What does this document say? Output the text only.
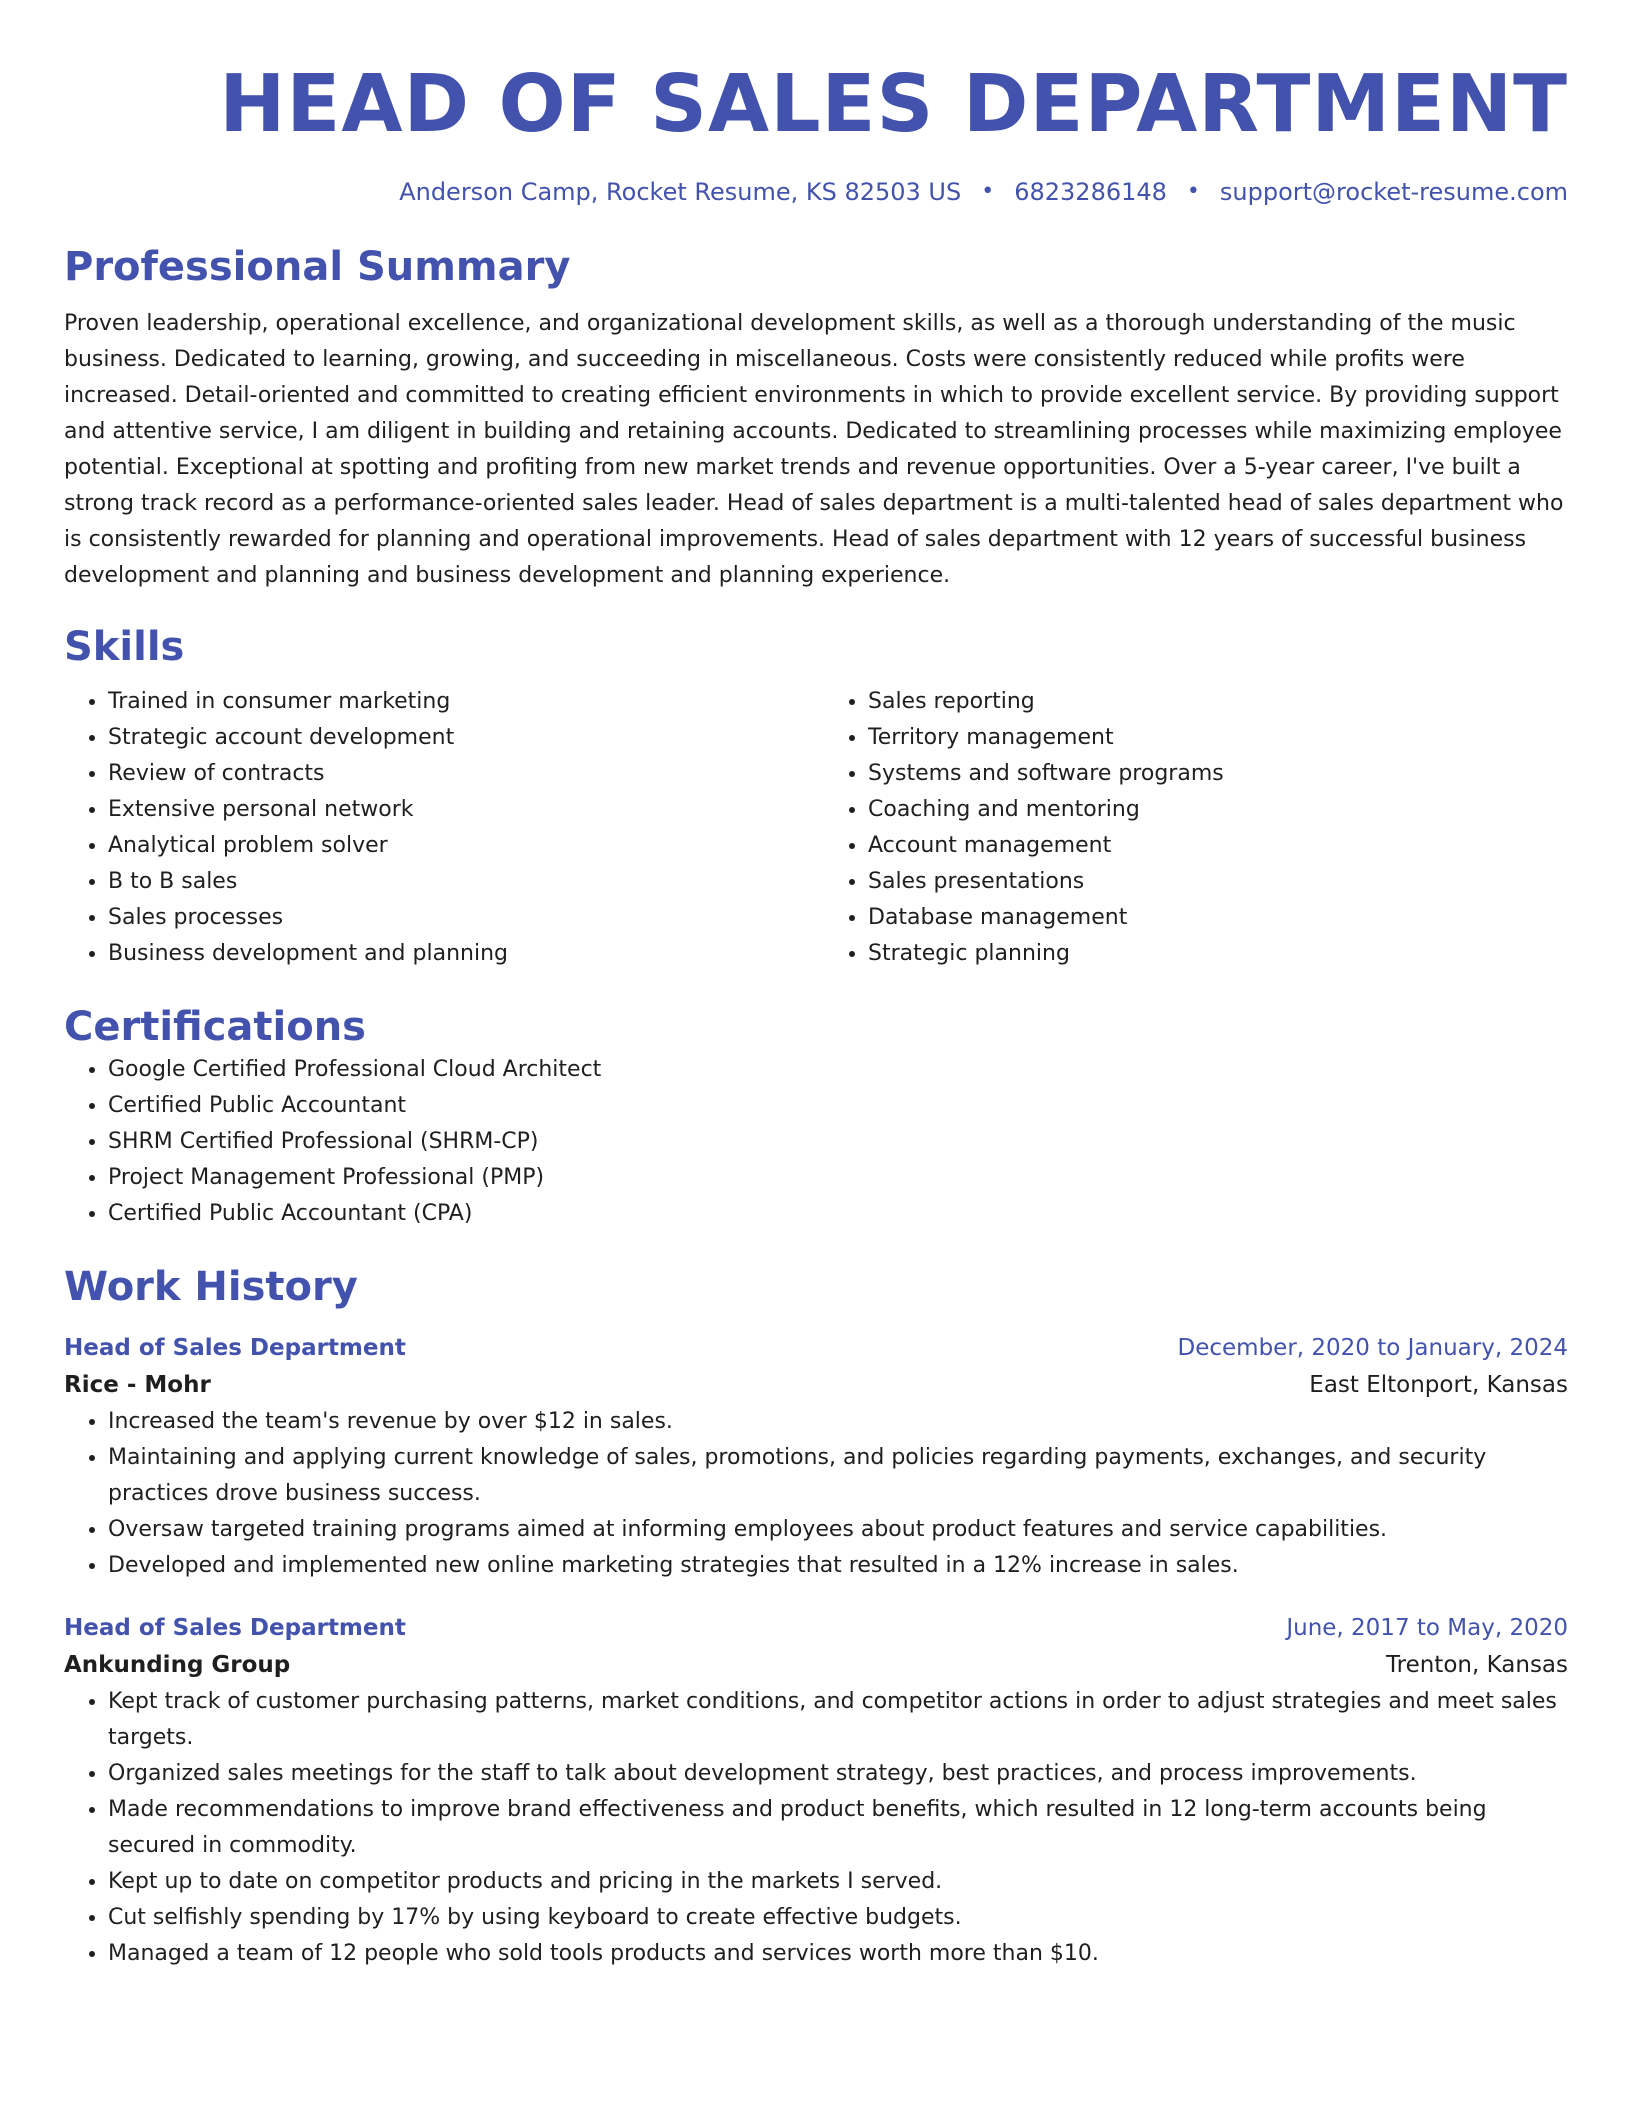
HEAD OF SALES DEPARTMENT
Anderson Camp, Rocket Resume, KS 82503 US • 6823286148 • support@rocket-resume.com
Professional Summary
Proven leadership, operational excellence, and organizational development skills, as well as a thorough understanding of the music business. Dedicated to learning, growing, and succeeding in miscellaneous. Costs were consistently reduced while profits were increased. Detail-oriented and committed to creating efficient environments in which to provide excellent service. By providing support and attentive service, I am diligent in building and retaining accounts. Dedicated to streamlining processes while maximizing employee potential. Exceptional at spotting and profiting from new market trends and revenue opportunities. Over a 5-year career, I've built a strong track record as a performance-oriented sales leader. Head of sales department is a multi-talented head of sales department who is consistently rewarded for planning and operational improvements. Head of sales department with 12 years of successful business development and planning and business development and planning experience.
Skills
• Trained in consumer marketing
• Strategic account development
• Review of contracts
• Extensive personal network
• Analytical problem solver
• B to B sales
• Sales processes
• Business development and planning
• Sales reporting
• Territory management
• Systems and software programs
• Coaching and mentoring
• Account management
• Sales presentations
• Database management
• Strategic planning
Certifications
• Google Certified Professional Cloud Architect
• Certified Public Accountant
• SHRM Certified Professional (SHRM-CP)
• Project Management Professional (PMP)
• Certified Public Accountant (CPA)
Work History
Head of Sales Department	December, 2020 to January, 2024
Rice - Mohr	East Eltonport, Kansas
• Increased the team's revenue by over $12 in sales.
• Maintaining and applying current knowledge of sales, promotions, and policies regarding payments, exchanges, and security practices drove business success.
• Oversaw targeted training programs aimed at informing employees about product features and service capabilities.
• Developed and implemented new online marketing strategies that resulted in a 12% increase in sales.
Head of Sales Department	June, 2017 to May, 2020
Ankunding Group	Trenton, Kansas
• Kept track of customer purchasing patterns, market conditions, and competitor actions in order to adjust strategies and meet sales targets.
• Organized sales meetings for the staff to talk about development strategy, best practices, and process improvements.
• Made recommendations to improve brand effectiveness and product benefits, which resulted in 12 long-term accounts being secured in commodity.
• Kept up to date on competitor products and pricing in the markets I served.
• Cut selfishly spending by 17% by using keyboard to create effective budgets.
• Managed a team of 12 people who sold tools products and services worth more than $10.
